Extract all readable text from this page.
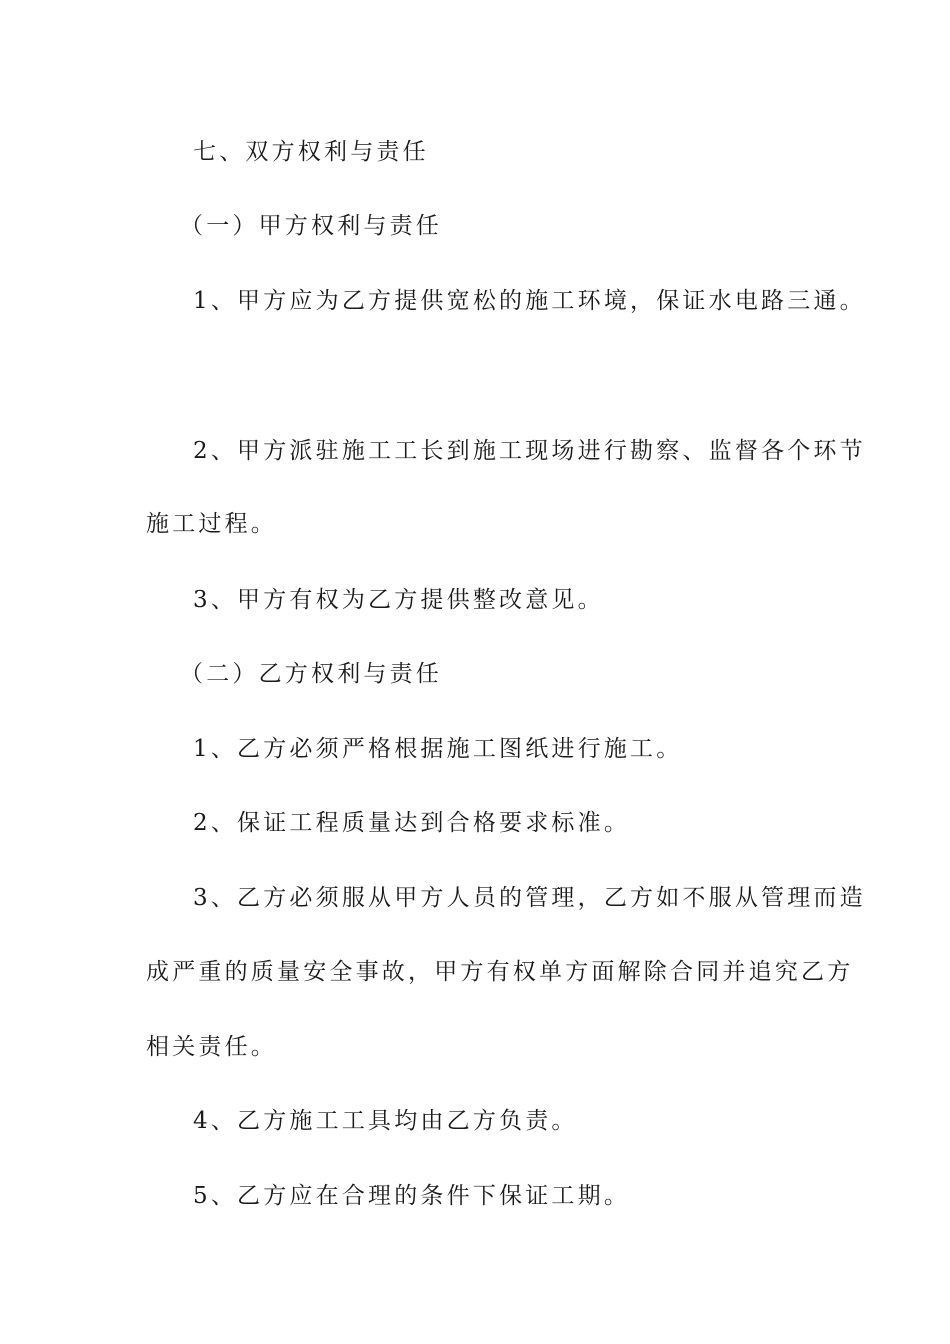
七、双方权利与责任
（一）甲方权利与责任
1、甲方应为乙方提供宽松的施工环境，保证水电路三通。
2、甲方派驻施工工长到施工现场进行勘察、监督各个环节
施工过程。
3、甲方有权为乙方提供整改意见。
（二）乙方权利与责任
1、乙方必须严格根据施工图纸进行施工。
2、保证工程质量达到合格要求标准。
3、乙方必须服从甲方人员的管理，乙方如不服从管理而造
成严重的质量安全事故，甲方有权单方面解除合同并追究乙方
相关责任。
4、乙方施工工具均由乙方负责。
5、乙方应在合理的条件下保证工期。
